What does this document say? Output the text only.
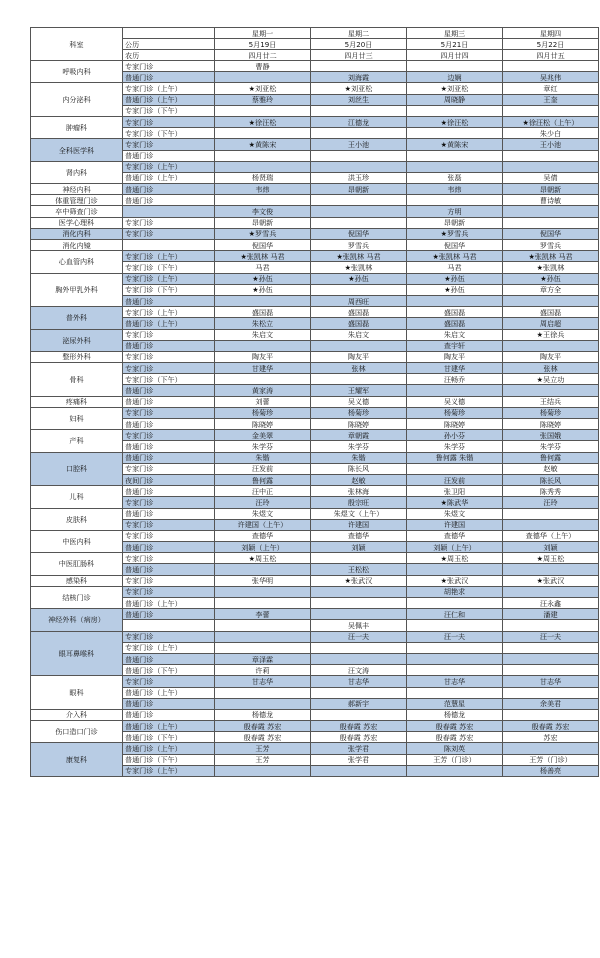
科室		星期一	星期二	星期三	星期四
	公历	5月19日	5月20日	5月21日	5月22日
	农历	四月廿二	四月廿三	四月廿四	四月廿五
呼吸内科	专家门诊	曹静			
	普通门诊		刘海霞	边娴	吴兆伟
内分泌科	专家门诊（上午）	★刘亚松	★刘亚松	★刘亚松	章红
	普通门诊（上午）	蔡雅玲	刘丝生	周晓静	王奎
	专家门诊（下午）				
肿瘤科	专家门诊	★徐汪松	江德龙	★徐汪松	★徐汪松（上午）
	专家门诊（下午）				朱少白
全科医学科	专家门诊	★黄陈宋	王小池	★黄陈宋	王小池
	普通门诊				
肾内科	专家门诊（上午）				
	普通门诊（上午）	杨贤瑞	洪玉珍	张磊	吴倩
神经内科	普通门诊	韦炜	昂朝新	韦炜	昂朝新
体重管理门诊	普通门诊				曹诗敏
卒中筛查门诊		李文俊		方明	
医学心理科	专家门诊	昂朝新		昂朝新	
消化内科	专家门诊	★罗雪兵	倪国华	★罗雪兵	倪国华
消化内镜		倪国华	罗雪兵	倪国华	罗雪兵
心血管内科	专家门诊（上午）	★张凯林 马君	★张凯林 马君	★张凯林 马君	★张凯林 马君
	专家门诊（下午）	马君	★张凯林	马君	★张凯林
胸外甲乳外科	专家门诊（上午）	★孙伍	★孙伍	★孙伍	★孙伍
	专家门诊（下午）	★孙伍		★孙伍	章方全
	普通门诊		周西旺		
普外科	专家门诊（上午）	盛国磊	盛国磊	盛国磊	盛国磊
	普通门诊（上午）	朱松立	盛国磊	盛国磊	周启超
泌尿外科	专家门诊	朱启文	朱启文	朱启文	★王徐兵
	普通门诊			查宇轩	
整形外科	专家门诊	陶友平	陶友平	陶友平	陶友平
骨科	专家门诊	甘建华	张林	甘建华	张林
	专家门诊（下午）			汪畅乔	★吴立功
	普通门诊	黄家涛	王耀军		
疼痛科	普通门诊	刘蕾	吴义德	吴义德	王结兵
妇科	专家门诊	杨菊珍	杨菊珍	杨菊珍	杨菊珍
	普通门诊	陈晓婷	陈晓婷	陈晓婷	陈晓婷
产科	专家门诊	金美翠	章朝霞	孙小芬	张国娥
	普通门诊	朱学芬	朱学芬	朱学芬	朱学芬
口腔科	普通门诊	朱锴	朱锴	鲁何露 朱锴	鲁何露
	专家门诊	汪发前	陈长风		赵敏
	夜间门诊	鲁何露	赵敏	汪发前	陈长风
儿科	普通门诊	汪中正	张林海	张卫阳	陈秀秀
	专家门诊	汪玲	殷宗旺	★陈武华	汪玲
皮肤科	普通门诊	朱煜文	朱煜文（上午）	朱煜文	
	专家门诊	许建国（上午）	许建国	许建国	
中医内科	专家门诊	查德华	查德华	查德华	查德华（上午）
	普通门诊	刘颖（上午）	刘颖	刘颖（上午）	刘颖
中医肛肠科	专家门诊	★周玉松		★周玉松	★周玉松
	普通门诊		王松松		
感染科	专家门诊	张华明	★张武汉	★张武汉	★张武汉
结核门诊	专家门诊			胡艳求	
	普通门诊（上午）				汪永鑫
神经外科（病房）	普通门诊	李蕾		汪仁和	潘建
			吴佩丰		
眼耳鼻喉科	专家门诊		汪一夫	汪一夫	汪一夫
	专家门诊（上午）				
	普通门诊	章泽霖			
	普通门诊（下午）	许莉	汪文涛		
眼科	专家门诊	甘志华	甘志华	甘志华	甘志华
	普通门诊（上午）				
	普通门诊		郝新宇	范慧星	余美君
介入科	普通门诊	杨德龙		杨德龙	
伤口造口门诊	普通门诊（上午）	殷春霞 苏宏	殷春霞 苏宏	殷春霞 苏宏	殷春霞 苏宏
	普通门诊（下午）	殷春霞 苏宏	殷春霞 苏宏	殷春霞 苏宏	苏宏
康复科	普通门诊（上午）	王芳	张学君	陈刘英	
	普通门诊（下午）	王芳	张学君	王芳（门诊）	王芳（门诊）
	专家门诊（上午）				杨善亮
